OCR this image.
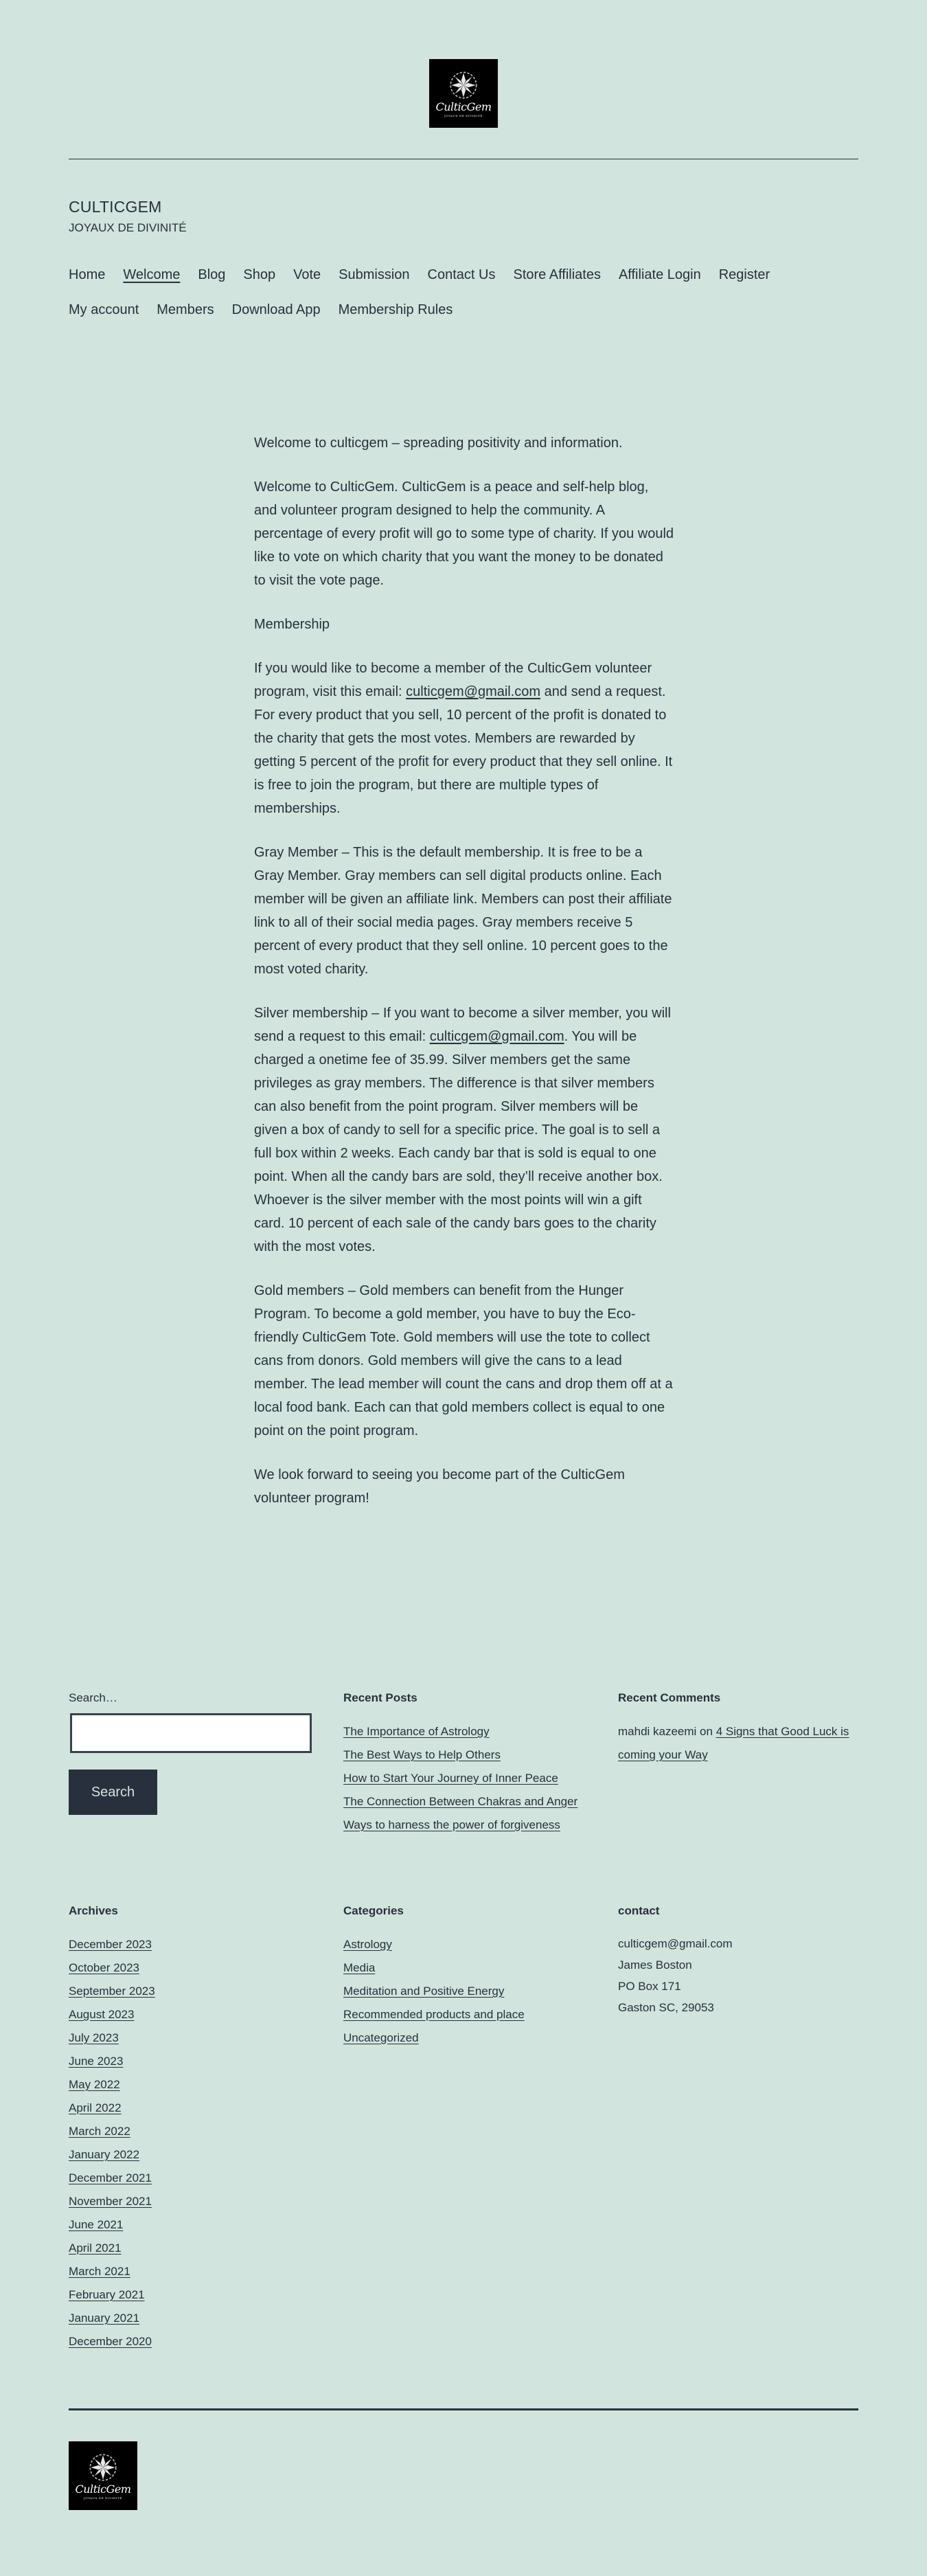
CulticGem
JOYAUX DE DIVINITÉ
CULTICGEM
JOYAUX DE DIVINITÉ
Home Welcome Blog Shop Vote Submission Contact Us Store Affiliates Affiliate Login Register
My account Members Download App Membership Rules

Welcome to culticgem – spreading positivity and information.

Welcome to CulticGem. CulticGem is a peace and self-help blog, and volunteer program designed to help the community. A percentage of every profit will go to some type of charity. If you would like to vote on which charity that you want the money to be donated to visit the vote page.

Membership

If you would like to become a member of the CulticGem volunteer program, visit this email: culticgem@gmail.com and send a request. For every product that you sell, 10 percent of the profit is donated to the charity that gets the most votes. Members are rewarded by getting 5 percent of the profit for every product that they sell online. It is free to join the program, but there are multiple types of memberships.

Gray Member – This is the default membership. It is free to be a Gray Member. Gray members can sell digital products online. Each member will be given an affiliate link. Members can post their affiliate link to all of their social media pages. Gray members receive 5 percent of every product that they sell online. 10 percent goes to the most voted charity.

Silver membership – If you want to become a silver member, you will send a request to this email: culticgem@gmail.com. You will be charged a onetime fee of 35.99. Silver members get the same privileges as gray members. The difference is that silver members can also benefit from the point program. Silver members will be given a box of candy to sell for a specific price. The goal is to sell a full box within 2 weeks. Each candy bar that is sold is equal to one point. When all the candy bars are sold, they’ll receive another box. Whoever is the silver member with the most points will win a gift card. 10 percent of each sale of the candy bars goes to the charity with the most votes.

Gold members – Gold members can benefit from the Hunger Program. To become a gold member, you have to buy the Eco-friendly CulticGem Tote. Gold members will use the tote to collect cans from donors. Gold members will give the cans to a lead member. The lead member will count the cans and drop them off at a local food bank. Each can that gold members collect is equal to one point on the point program.

We look forward to seeing you become part of the CulticGem volunteer program!

Search…
Search
Recent Posts
The Importance of Astrology
The Best Ways to Help Others
How to Start Your Journey of Inner Peace
The Connection Between Chakras and Anger
Ways to harness the power of forgiveness
Recent Comments
mahdi kazeemi on 4 Signs that Good Luck is coming your Way
Archives
December 2023
October 2023
September 2023
August 2023
July 2023
June 2023
May 2022
April 2022
March 2022
January 2022
December 2021
November 2021
June 2021
April 2021
March 2021
February 2021
January 2021
December 2020
Categories
Astrology
Media
Meditation and Positive Energy
Recommended products and place
Uncategorized
contact
culticgem@gmail.com
James Boston
PO Box 171
Gaston SC, 29053
CulticGem
JOYAUX DE DIVINITÉ
